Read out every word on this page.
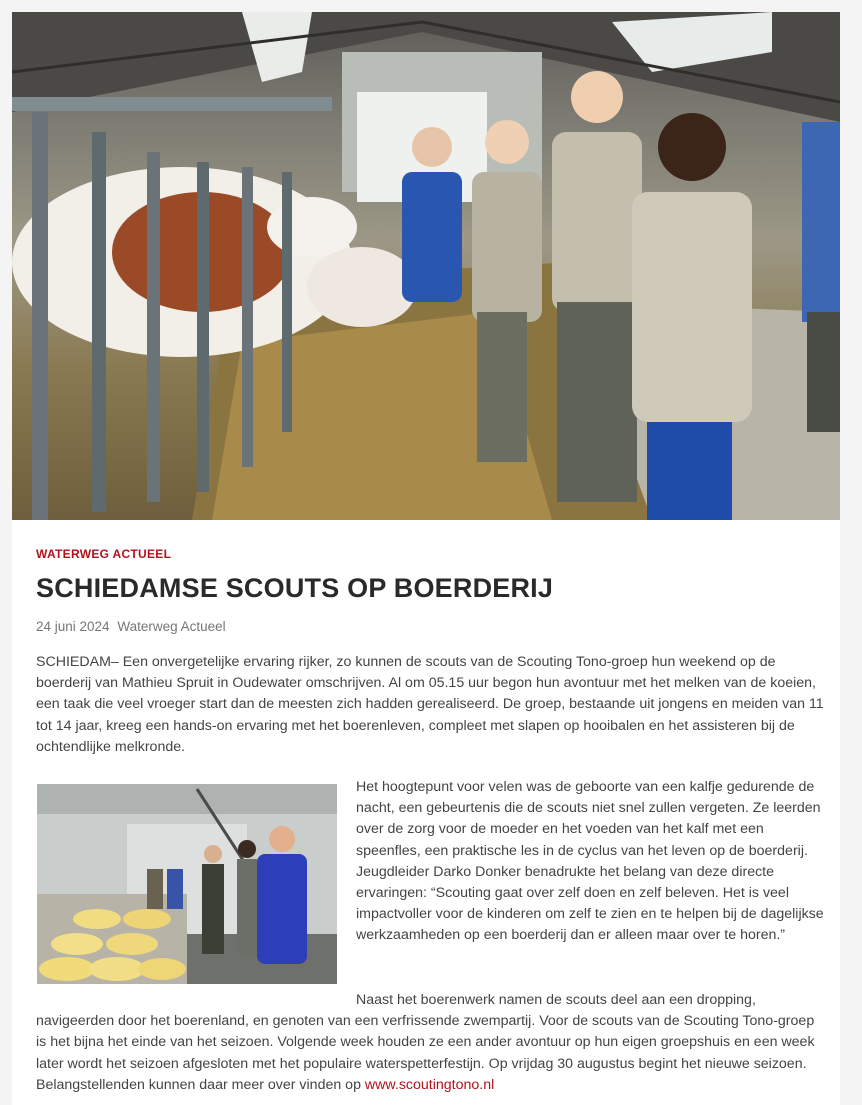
WATERWEG ACTUEEL
SCHIEDAMSE SCOUTS OP BOERDERIJ
24 juni 2024 Waterweg Actueel

SCHIEDAM– Een onvergetelijke ervaring rijker, zo kunnen de scouts van de Scouting Tono-groep hun weekend op de boerderij van Mathieu Spruit in Oudewater omschrijven. Al om 05.15 uur begon hun avontuur met het melken van de koeien, een taak die veel vroeger start dan de meesten zich hadden gerealiseerd. De groep, bestaande uit jongens en meiden van 11 tot 14 jaar, kreeg een hands-on ervaring met het boerenleven, compleet met slapen op hooibalen en het assisteren bij de ochtendlijke melkronde.

Het hoogtepunt voor velen was de geboorte van een kalfje gedurende de nacht, een gebeurtenis die de scouts niet snel zullen vergeten. Ze leerden over de zorg voor de moeder en het voeden van het kalf met een speenfles, een praktische les in de cyclus van het leven op de boerderij. Jeugdleider Darko Donker benadrukte het belang van deze directe ervaringen: “Scouting gaat over zelf doen en zelf beleven. Het is veel impactvoller voor de kinderen om zelf te zien en te helpen bij de dagelijkse werkzaamheden op een boerderij dan er alleen maar over te horen.”

Naast het boerenwerk namen de scouts deel aan een dropping, navigeerden door het boerenland, en genoten van een verfrissende zwempartij. Voor de scouts van de Scouting Tono-groep is het bijna het einde van het seizoen. Volgende week houden ze een ander avontuur op hun eigen groepshuis en een week later wordt het seizoen afgesloten met het populaire waterspetterfestijn. Op vrijdag 30 augustus begint het nieuwe seizoen. Belangstellenden kunnen daar meer over vinden op www.scoutingtono.nl
